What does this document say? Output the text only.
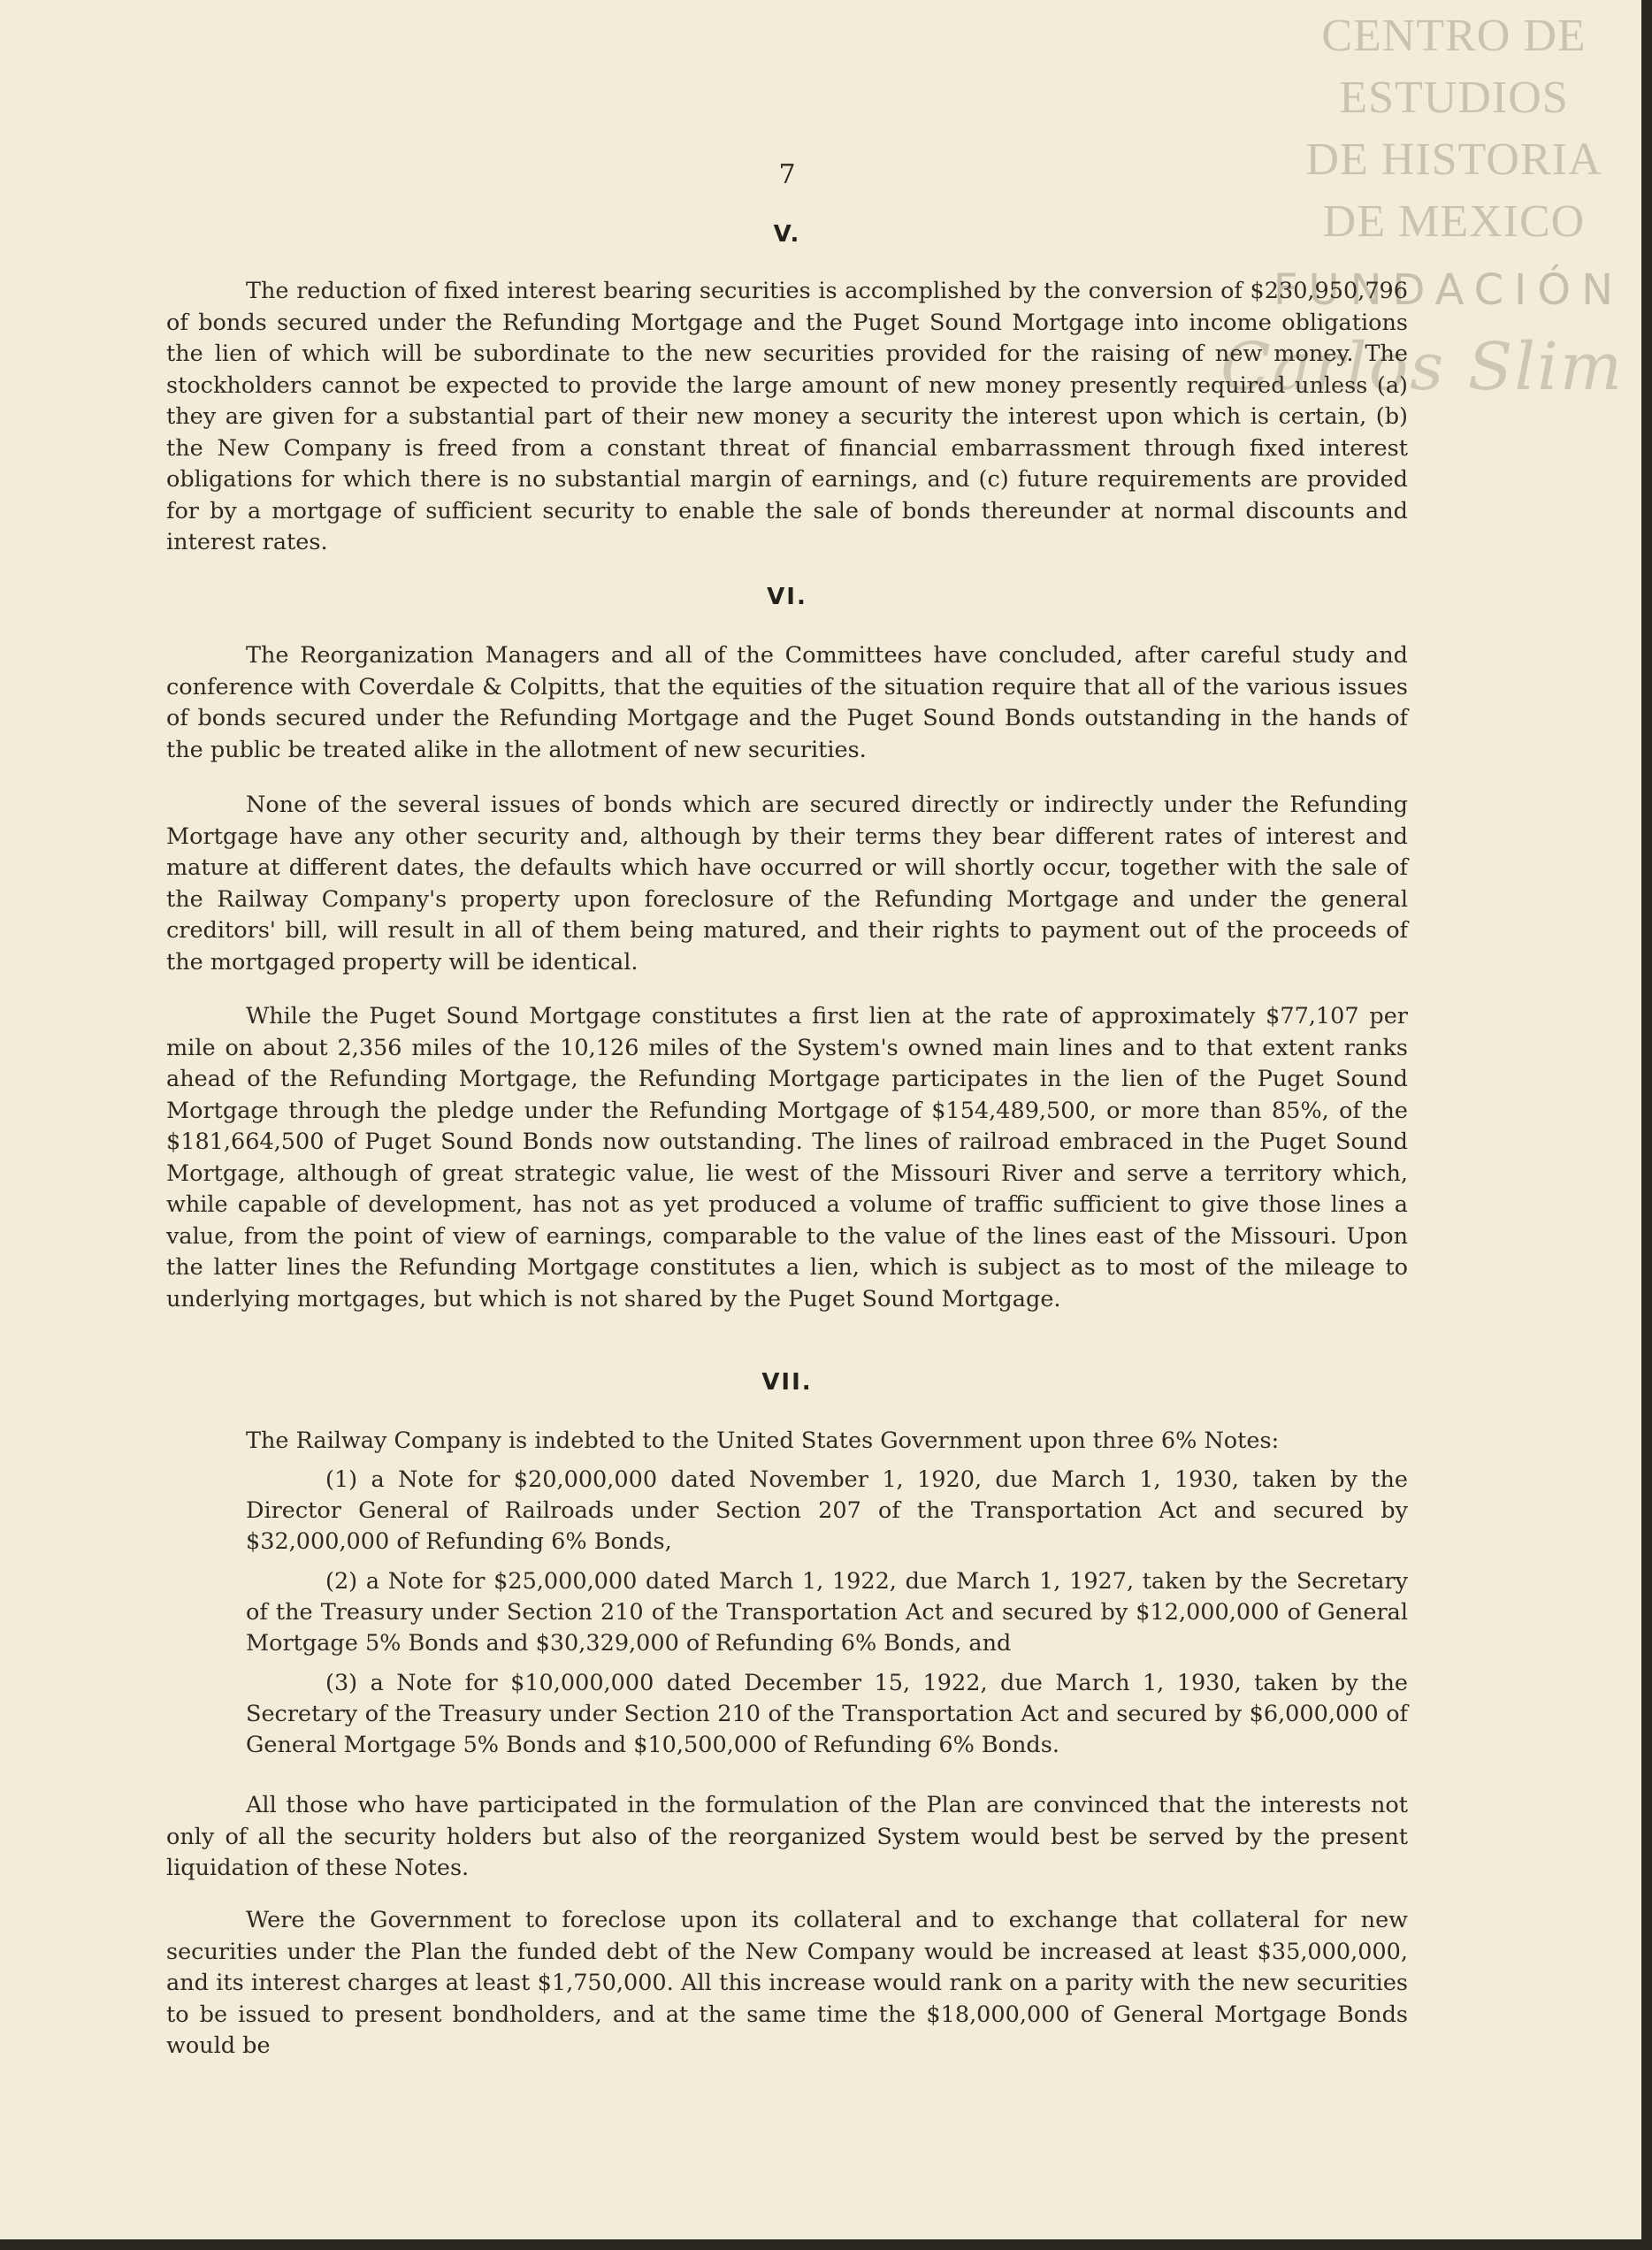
CENTRO DE
ESTUDIOS
DE HISTORIA
DE MEXICO
FUNDACIÓN
Carlos Slim
7
V.

The reduction of fixed interest bearing securities is accomplished by the conversion of $230,950,796 of bonds secured under the Refunding Mortgage and the Puget Sound Mortgage into income obligations the lien of which will be subordinate to the new securities provided for the raising of new money. The stockholders cannot be expected to provide the large amount of new money presently required unless (a) they are given for a substantial part of their new money a security the interest upon which is certain, (b) the New Company is freed from a constant threat of financial embarrassment through fixed interest obligations for which there is no substantial margin of earnings, and (c) future requirements are provided for by a mortgage of sufficient security to enable the sale of bonds thereunder at normal discounts and interest rates.

VI.

The Reorganization Managers and all of the Committees have concluded, after careful study and conference with Coverdale & Colpitts, that the equities of the situation require that all of the various issues of bonds secured under the Refunding Mortgage and the Puget Sound Bonds outstanding in the hands of the public be treated alike in the allotment of new securities.

None of the several issues of bonds which are secured directly or indirectly under the Refunding Mortgage have any other security and, although by their terms they bear different rates of interest and mature at different dates, the defaults which have occurred or will shortly occur, together with the sale of the Railway Company's property upon foreclosure of the Refunding Mortgage and under the general creditors' bill, will result in all of them being matured, and their rights to payment out of the proceeds of the mortgaged property will be identical.

While the Puget Sound Mortgage constitutes a first lien at the rate of approximately $77,107 per mile on about 2,356 miles of the 10,126 miles of the System's owned main lines and to that extent ranks ahead of the Refunding Mortgage, the Refunding Mortgage participates in the lien of the Puget Sound Mortgage through the pledge under the Refunding Mortgage of $154,489,500, or more than 85%, of the $181,664,500 of Puget Sound Bonds now outstanding. The lines of railroad embraced in the Puget Sound Mortgage, although of great strategic value, lie west of the Missouri River and serve a territory which, while capable of development, has not as yet produced a volume of traffic sufficient to give those lines a value, from the point of view of earnings, comparable to the value of the lines east of the Missouri. Upon the latter lines the Refunding Mortgage constitutes a lien, which is subject as to most of the mileage to underlying mortgages, but which is not shared by the Puget Sound Mortgage.

VII.

The Railway Company is indebted to the United States Government upon three 6% Notes:

(1) a Note for $20,000,000 dated November 1, 1920, due March 1, 1930, taken by the Director General of Railroads under Section 207 of the Transportation Act and secured by $32,000,000 of Refunding 6% Bonds,

(2) a Note for $25,000,000 dated March 1, 1922, due March 1, 1927, taken by the Secretary of the Treasury under Section 210 of the Transportation Act and secured by $12,000,000 of General Mortgage 5% Bonds and $30,329,000 of Refunding 6% Bonds, and

(3) a Note for $10,000,000 dated December 15, 1922, due March 1, 1930, taken by the Secretary of the Treasury under Section 210 of the Transportation Act and secured by $6,000,000 of General Mortgage 5% Bonds and $10,500,000 of Refunding 6% Bonds.

All those who have participated in the formulation of the Plan are convinced that the interests not only of all the security holders but also of the reorganized System would best be served by the present liquidation of these Notes.

Were the Government to foreclose upon its collateral and to exchange that collateral for new securities under the Plan the funded debt of the New Company would be increased at least $35,000,000, and its interest charges at least $1,750,000. All this increase would rank on a parity with the new securities to be issued to present bondholders, and at the same time the $18,000,000 of General Mortgage Bonds would be
